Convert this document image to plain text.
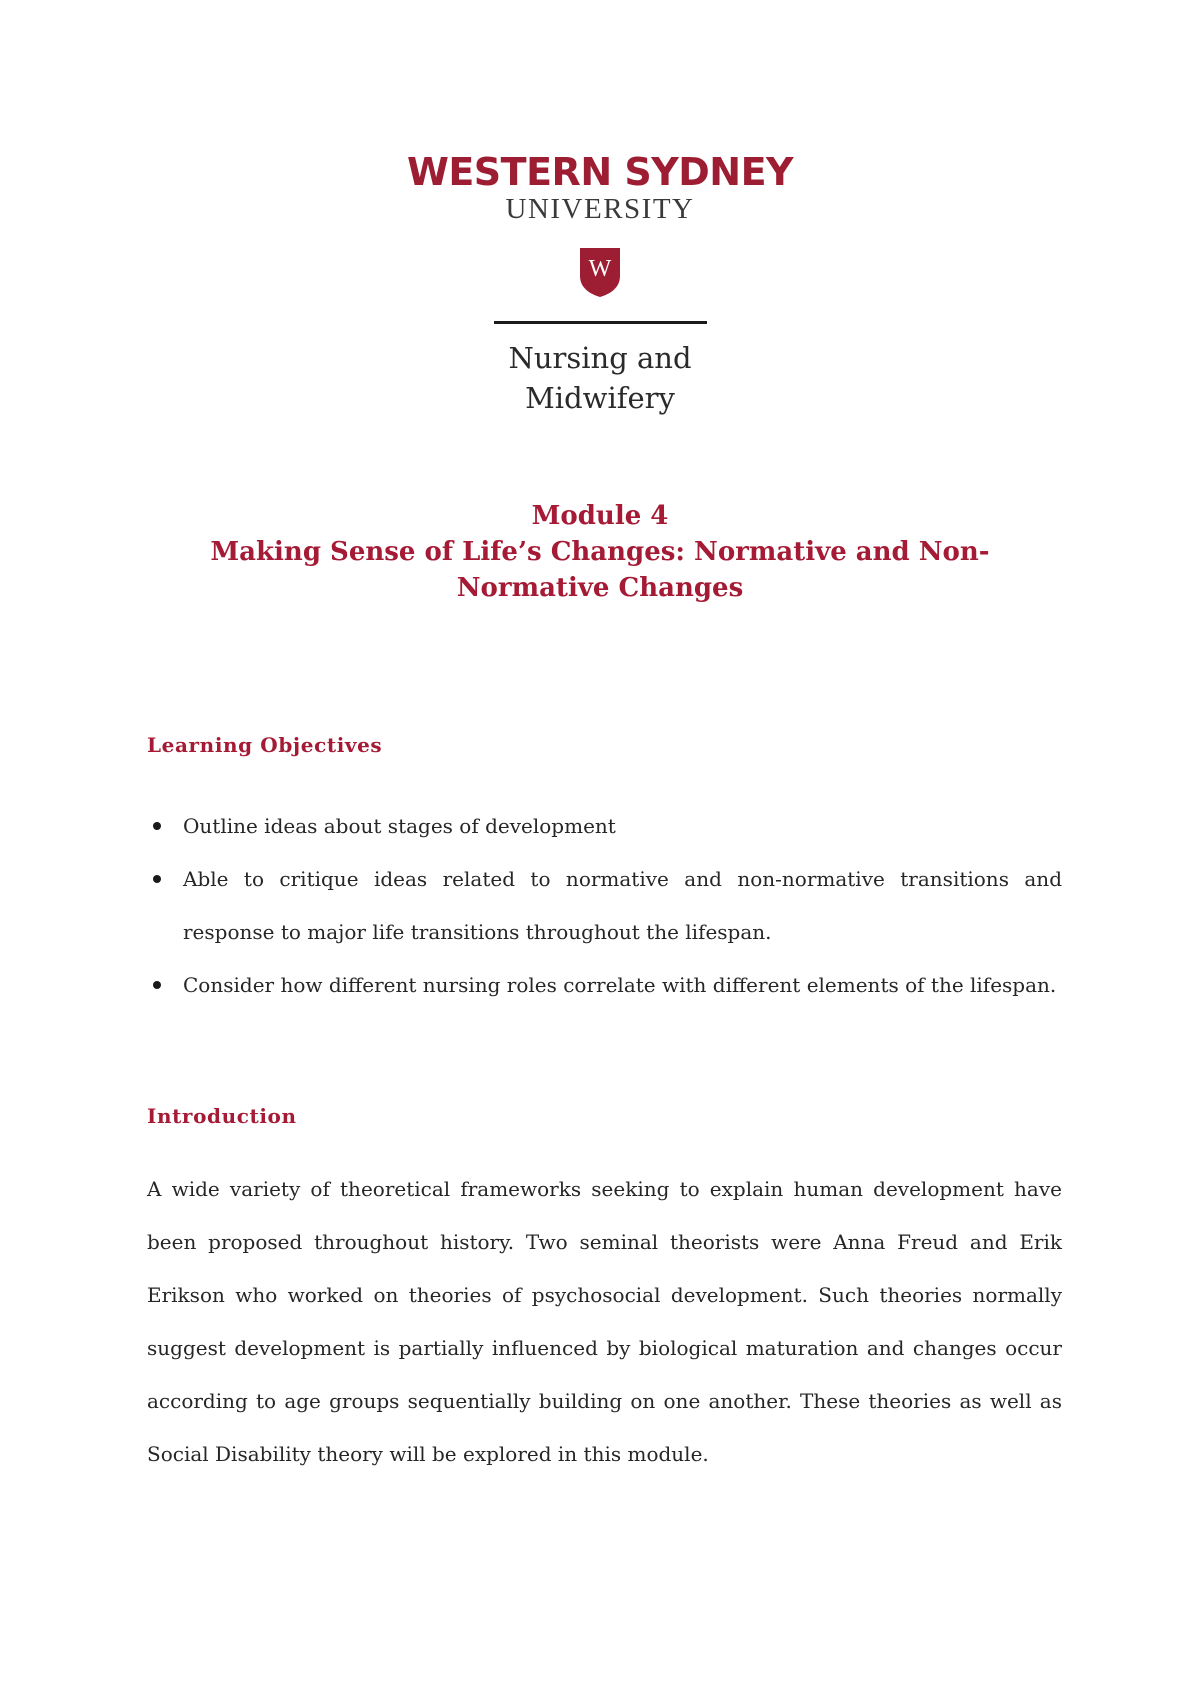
WESTERN SYDNEY

UNIVERSITY

W
Nursing and
Midwifery

Module 4

Making Sense of Life’s Changes: Normative and Non-

Normative Changes

Learning Objectives
Outline ideas about stages of development
Able to critique ideas related to normative and non-normative transitions and response to major life transitions throughout the lifespan.
Consider how different nursing roles correlate with different elements of the lifespan.
Introduction

A wide variety of theoretical frameworks seeking to explain human development have been proposed throughout history. Two seminal theorists were Anna Freud and Erik Erikson who worked on theories of psychosocial development. Such theories normally suggest development is partially influenced by biological maturation and changes occur according to age groups sequentially building on one another. These theories as well as Social Disability theory will be explored in this module.
